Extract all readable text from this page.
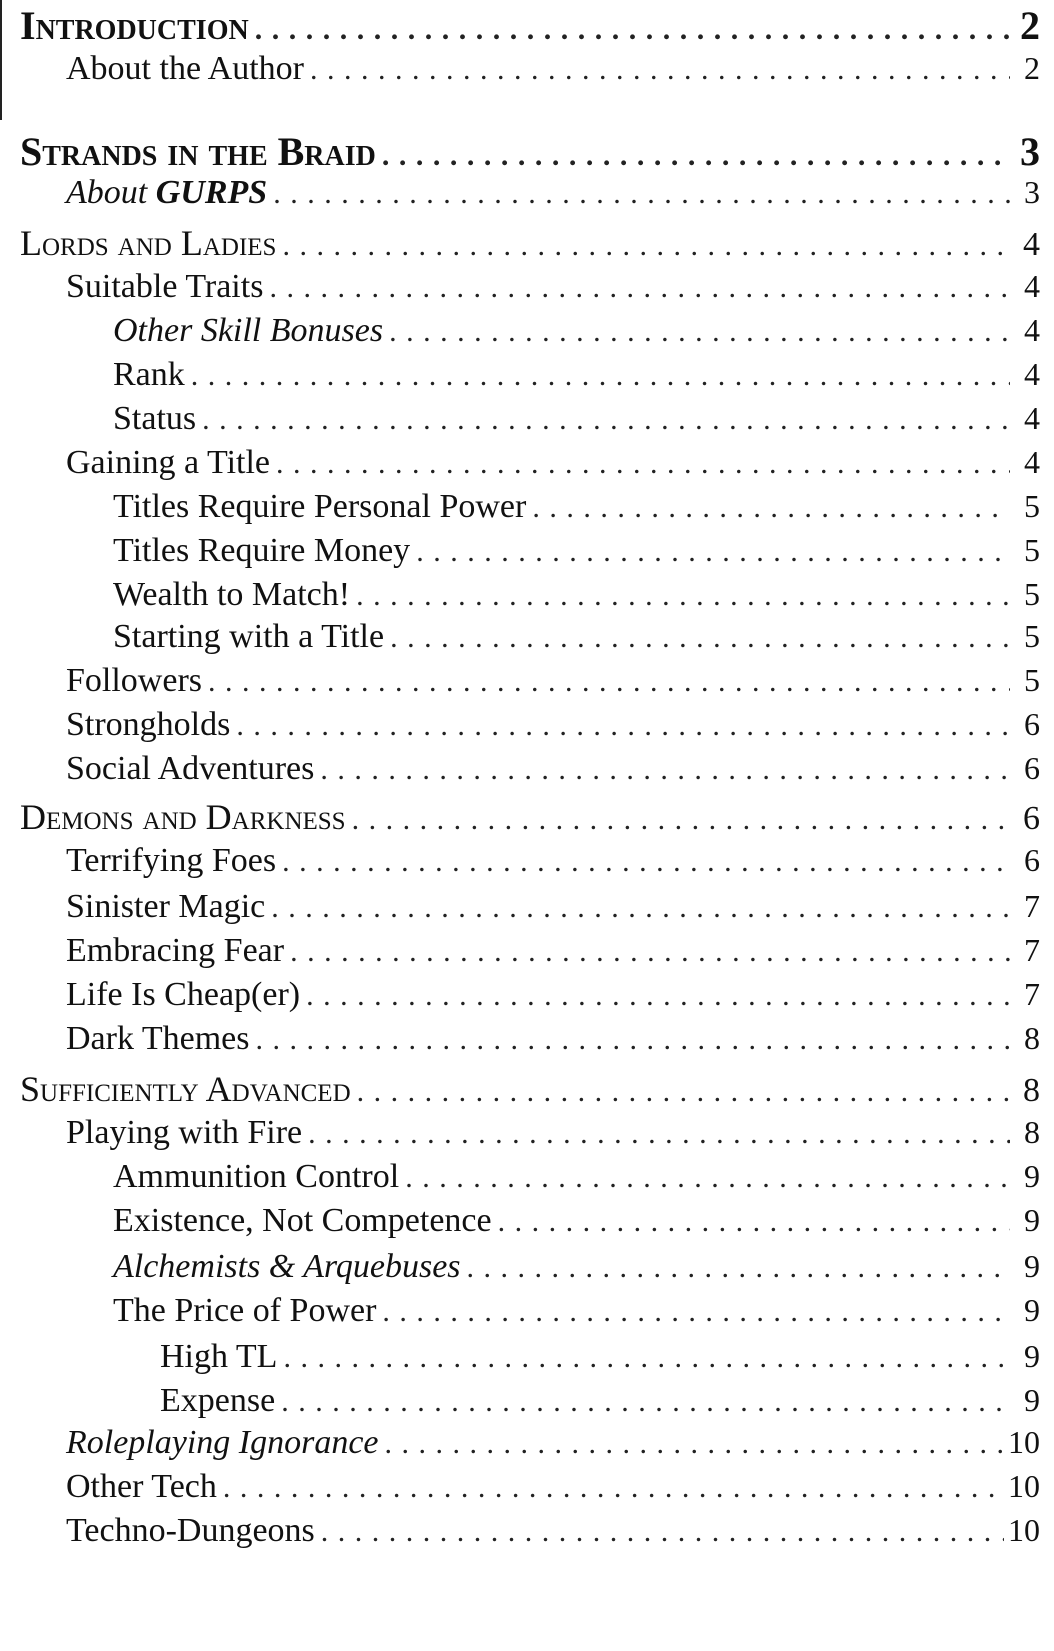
Introduction .....	2
About the Author .....	2
Strands in the Braid .....	3
About GURPS .....	3
Lords and Ladies .....	4
Suitable Traits .....	4
Other Skill Bonuses .....	4
Rank .....	4
Status .....	4
Gaining a Title .....	4
Titles Require Personal Power .....	5
Titles Require Money .....	5
Wealth to Match! .....	5
Starting with a Title .....	5
Followers .....	5
Strongholds .....	6
Social Adventures .....	6
Demons and Darkness .....	6
Terrifying Foes .....	6
Sinister Magic .....	7
Embracing Fear .....	7
Life Is Cheap(er) .....	7
Dark Themes .....	8
Sufficiently Advanced .....	8
Playing with Fire .....	8
Ammunition Control .....	9
Existence, Not Competence .....	9
Alchemists & Arquebuses .....	9
The Price of Power .....	9
High TL .....	9
Expense .....	9
Roleplaying Ignorance .....	10
Other Tech .....	10
Techno-Dungeons .....	10
